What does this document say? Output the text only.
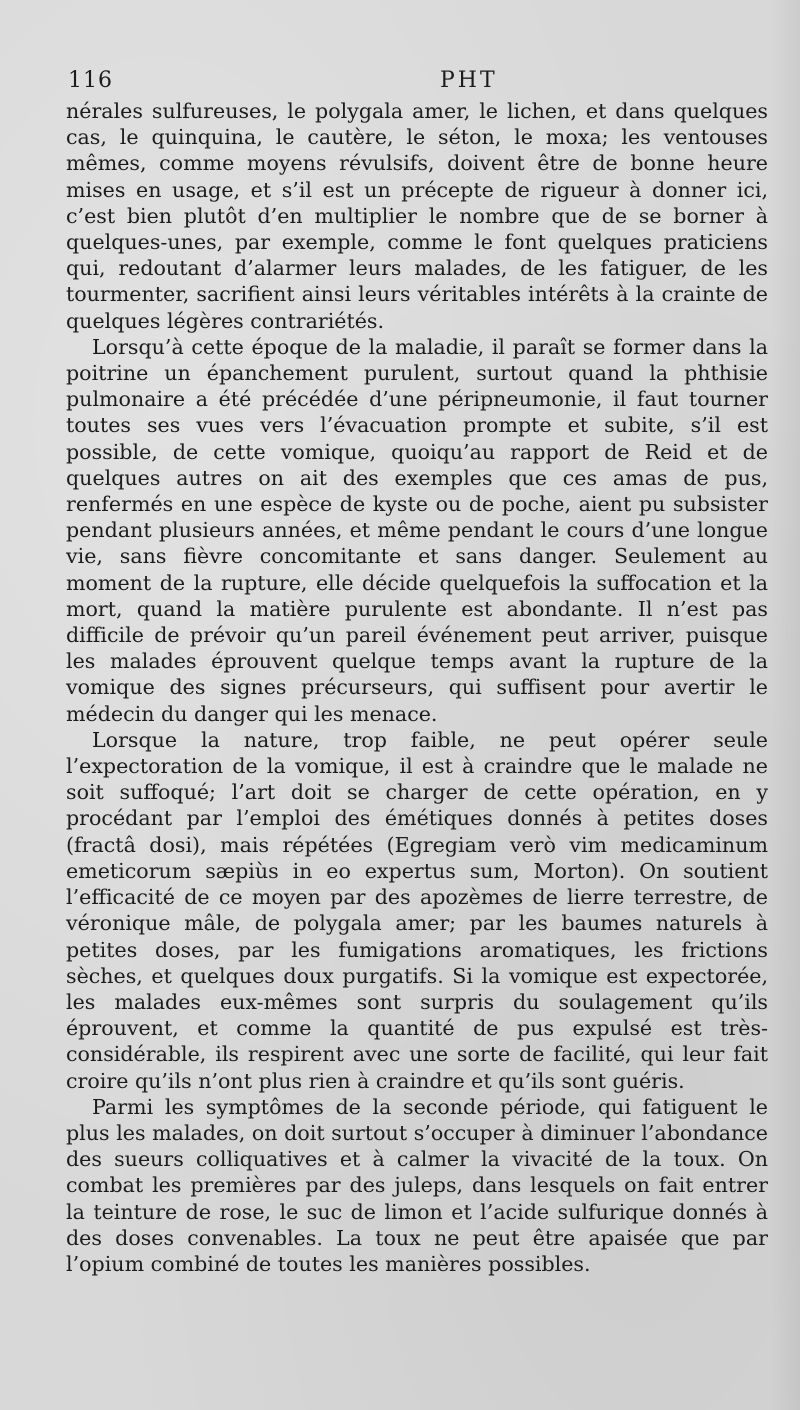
116	PHT

nérales sulfureuses, le polygala amer, le lichen, et dans quelques cas, le quinquina, le cautère, le séton, le moxa; les ventouses mêmes, comme moyens révulsifs, doivent être de bonne heure mises en usage, et s’il est un précepte de rigueur à donner ici, c’est bien plutôt d’en multiplier le nombre que de se borner à quelques-unes, par exemple, comme le font quelques praticiens qui, redoutant d’alarmer leurs malades, de les fatiguer, de les tourmenter, sacrifient ainsi leurs véritables intérêts à la crainte de quelques légères contrariétés.

Lorsqu’à cette époque de la maladie, il paraît se former dans la poitrine un épanchement purulent, surtout quand la phthisie pulmonaire a été précédée d’une péripneumonie, il faut tourner toutes ses vues vers l’évacuation prompte et subite, s’il est possible, de cette vomique, quoiqu’au rapport de Reid et de quelques autres on ait des exemples que ces amas de pus, renfermés en une espèce de kyste ou de poche, aient pu subsister pendant plusieurs années, et même pendant le cours d’une longue vie, sans fièvre concomitante et sans danger. Seulement au moment de la rupture, elle décide quelquefois la suffocation et la mort, quand la matière purulente est abondante. Il n’est pas difficile de prévoir qu’un pareil événement peut arriver, puisque les malades éprouvent quelque temps avant la rupture de la vomique des signes précurseurs, qui suffisent pour avertir le médecin du danger qui les menace.

Lorsque la nature, trop faible, ne peut opérer seule l’expectoration de la vomique, il est à craindre que le malade ne soit suffoqué; l’art doit se charger de cette opération, en y procédant par l’emploi des émétiques donnés à petites doses (fractâ dosi), mais répétées (Egregiam verò vim medicaminum emeticorum sæpiùs in eo expertus sum, Morton). On soutient l’efficacité de ce moyen par des apozèmes de lierre terrestre, de véronique mâle, de polygala amer; par les baumes naturels à petites doses, par les fumigations aromatiques, les frictions sèches, et quelques doux purgatifs. Si la vomique est expectorée, les malades eux-mêmes sont surpris du soulagement qu’ils éprouvent, et comme la quantité de pus expulsé est très-considérable, ils respirent avec une sorte de facilité, qui leur fait croire qu’ils n’ont plus rien à craindre et qu’ils sont guéris.

Parmi les symptômes de la seconde période, qui fatiguent le plus les malades, on doit surtout s’occuper à diminuer l’abondance des sueurs colliquatives et à calmer la vivacité de la toux. On combat les premières par des juleps, dans lesquels on fait entrer la teinture de rose, le suc de limon et l’acide sulfurique donnés à des doses convenables. La toux ne peut être apaisée que par l’opium combiné de toutes les manières possibles.
